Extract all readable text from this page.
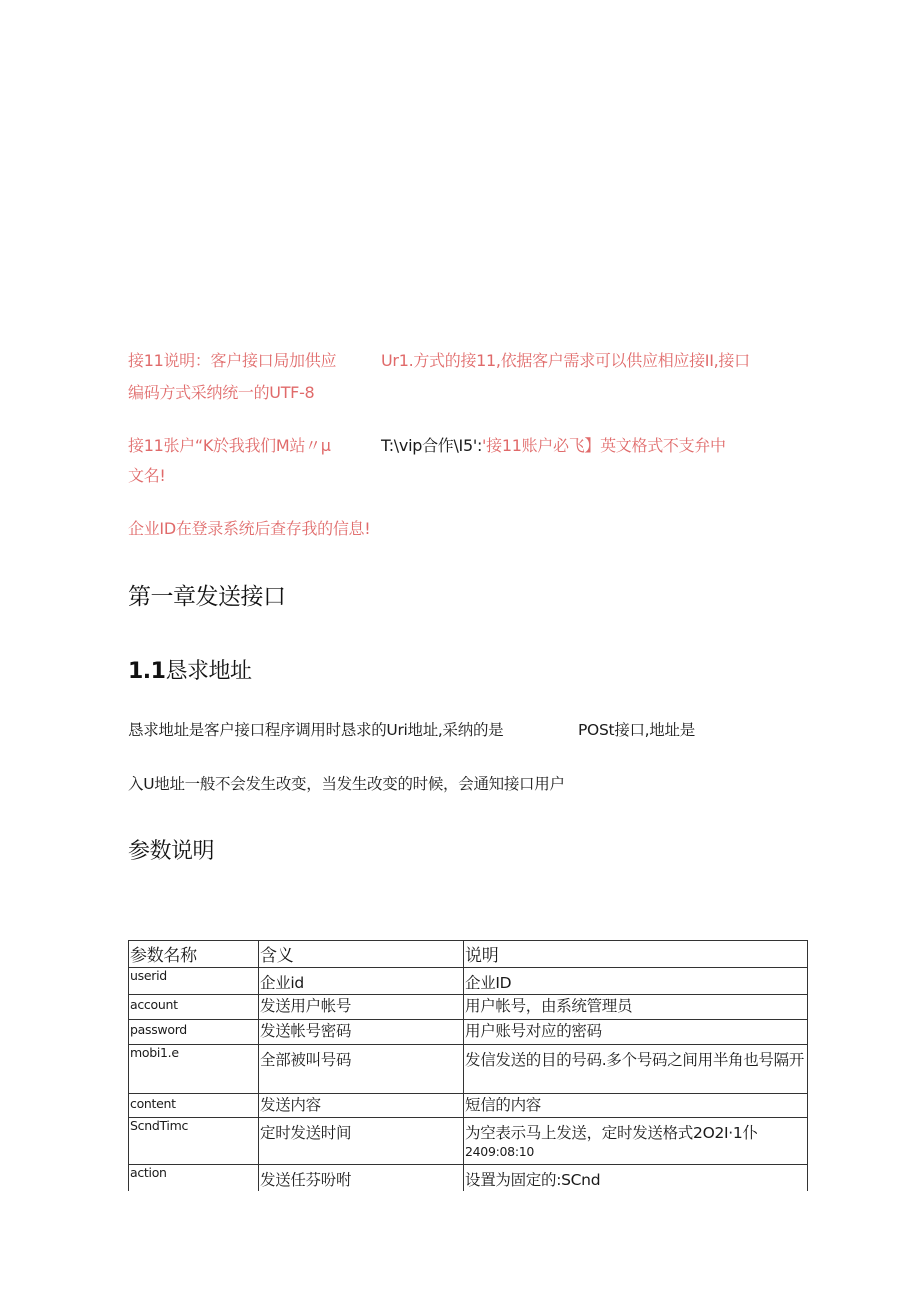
接11说明：客户接口局加供应	Ur1.方式的接11,依据客户需求可以供应相应接II,接口
编码方式采纳统一的UTF-8
接11张户“K於我我们M站〃μ	T:\vip合作\I5':'接11账户必飞】英文格式不支弁中
文名!
企业ID在登录系统后查存我的信息!
第一章发送接口
1.1恳求地址
恳求地址是客户接口程序调用时恳求的Uri地址,采纳的是	POSt接口,地址是
入U地址一般不会发生改变，当发生改变的时候，会通知接口用户
参数说明
参数名称	含义	说明

userid	企业id	企业ID

account	发送用户帐号	用户帐号，由系统管理员

password	发送帐号密码	用户账号对应的密码
mobi1.e	全部被叫号码	发信发送的目的号码.多个号码之间用半角也号隔开

content	发送内容	短信的内容
ScndTimc	定时发送时间	为空表示马上发送，定时发送格式2O2I·1仆
2409:08:10

action	发送任芬吩咐	设置为固定的:SCnd
